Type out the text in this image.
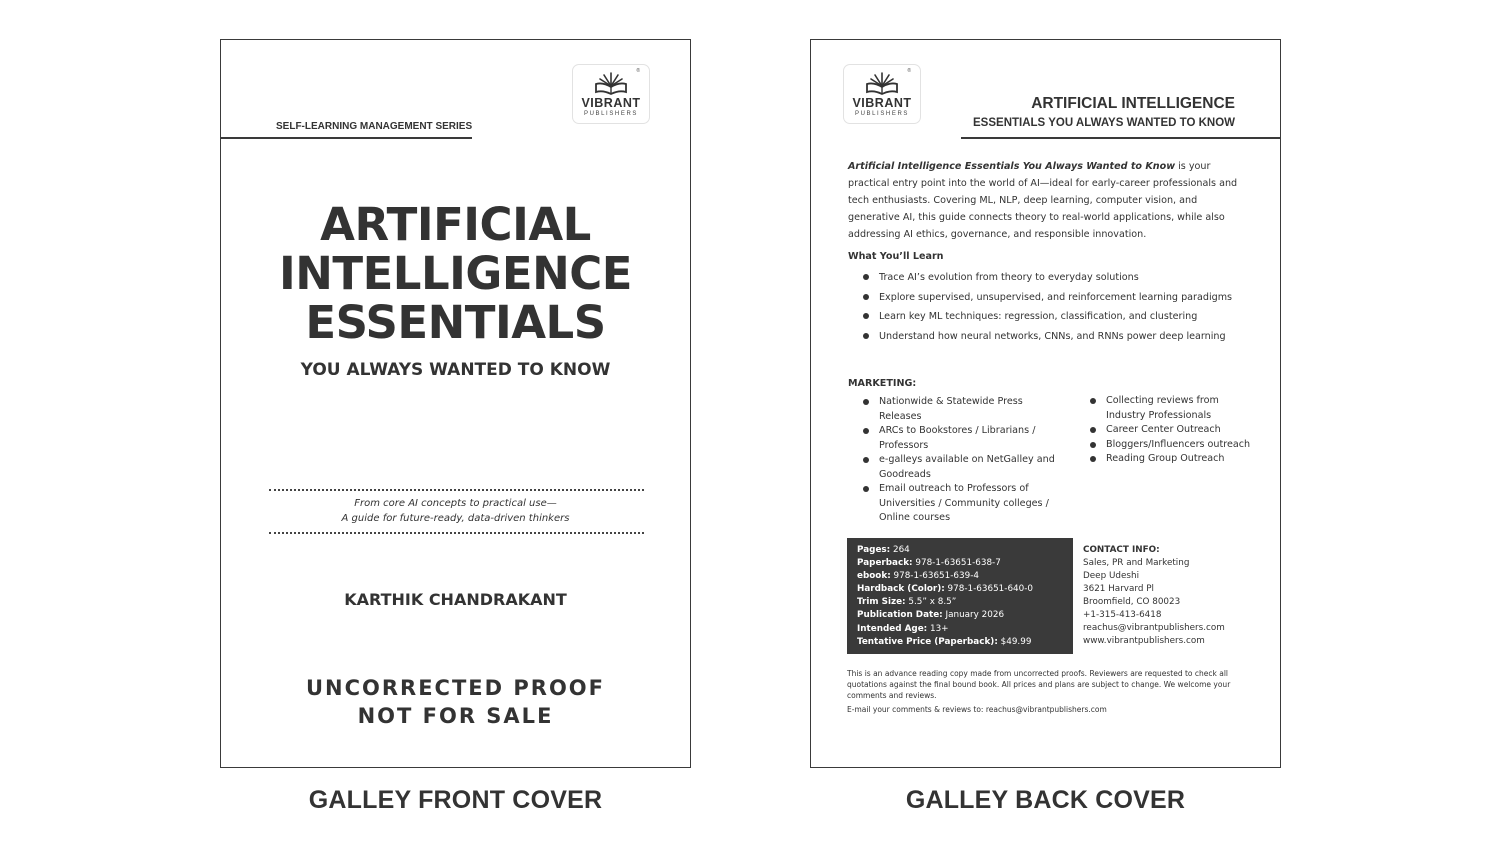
®
VIBRANT
PUBLISHERS
SELF-LEARNING MANAGEMENT SERIES
ARTIFICIAL
INTELLIGENCE
ESSENTIALS
YOU ALWAYS WANTED TO KNOW
From core AI concepts to practical use—
A guide for future-ready, data-driven thinkers
KARTHIK CHANDRAKANT
UNCORRECTED PROOF
NOT FOR SALE
GALLEY FRONT COVER
®
VIBRANT
PUBLISHERS
ARTIFICIAL INTELLIGENCE
ESSENTIALS YOU ALWAYS WANTED TO KNOW

Artificial Intelligence Essentials You Always Wanted to Know is your practical entry point into the world of AI—ideal for early-career professionals and tech enthusiasts. Covering ML, NLP, deep learning, computer vision, and generative AI, this guide connects theory to real-world applications, while also addressing AI ethics, governance, and responsible innovation.

What You’ll Learn
Trace AI’s evolution from theory to everyday solutions
Explore supervised, unsupervised, and reinforcement learning paradigms
Learn key ML techniques: regression, classification, and clustering
Understand how neural networks, CNNs, and RNNs power deep learning
MARKETING:
Nationwide & Statewide Press Releases
ARCs to Bookstores / Librarians / Professors
e-galleys available on NetGalley and Goodreads
Email outreach to Professors of Universities / Community colleges / Online courses
Collecting reviews from Industry Professionals
Career Center Outreach
Bloggers/Influencers outreach
Reading Group Outreach
Pages: 264
Paperback: 978-1-63651-638-7
ebook: 978-1-63651-639-4
Hardback (Color): 978-1-63651-640-0
Trim Size: 5.5” x 8.5”
Publication Date: January 2026
Intended Age: 13+
Tentative Price (Paperback): $49.99
CONTACT INFO:
Sales, PR and Marketing
Deep Udeshi
3621 Harvard Pl
Broomfield, CO 80023
+1-315-413-6418
reachus@vibrantpublishers.com
www.vibrantpublishers.com

This is an advance reading copy made from uncorrected proofs. Reviewers are requested to check all quotations against the final bound book. All prices and plans are subject to change. We welcome your comments and reviews.

E-mail your comments & reviews to: reachus@vibrantpublishers.com

GALLEY BACK COVER
